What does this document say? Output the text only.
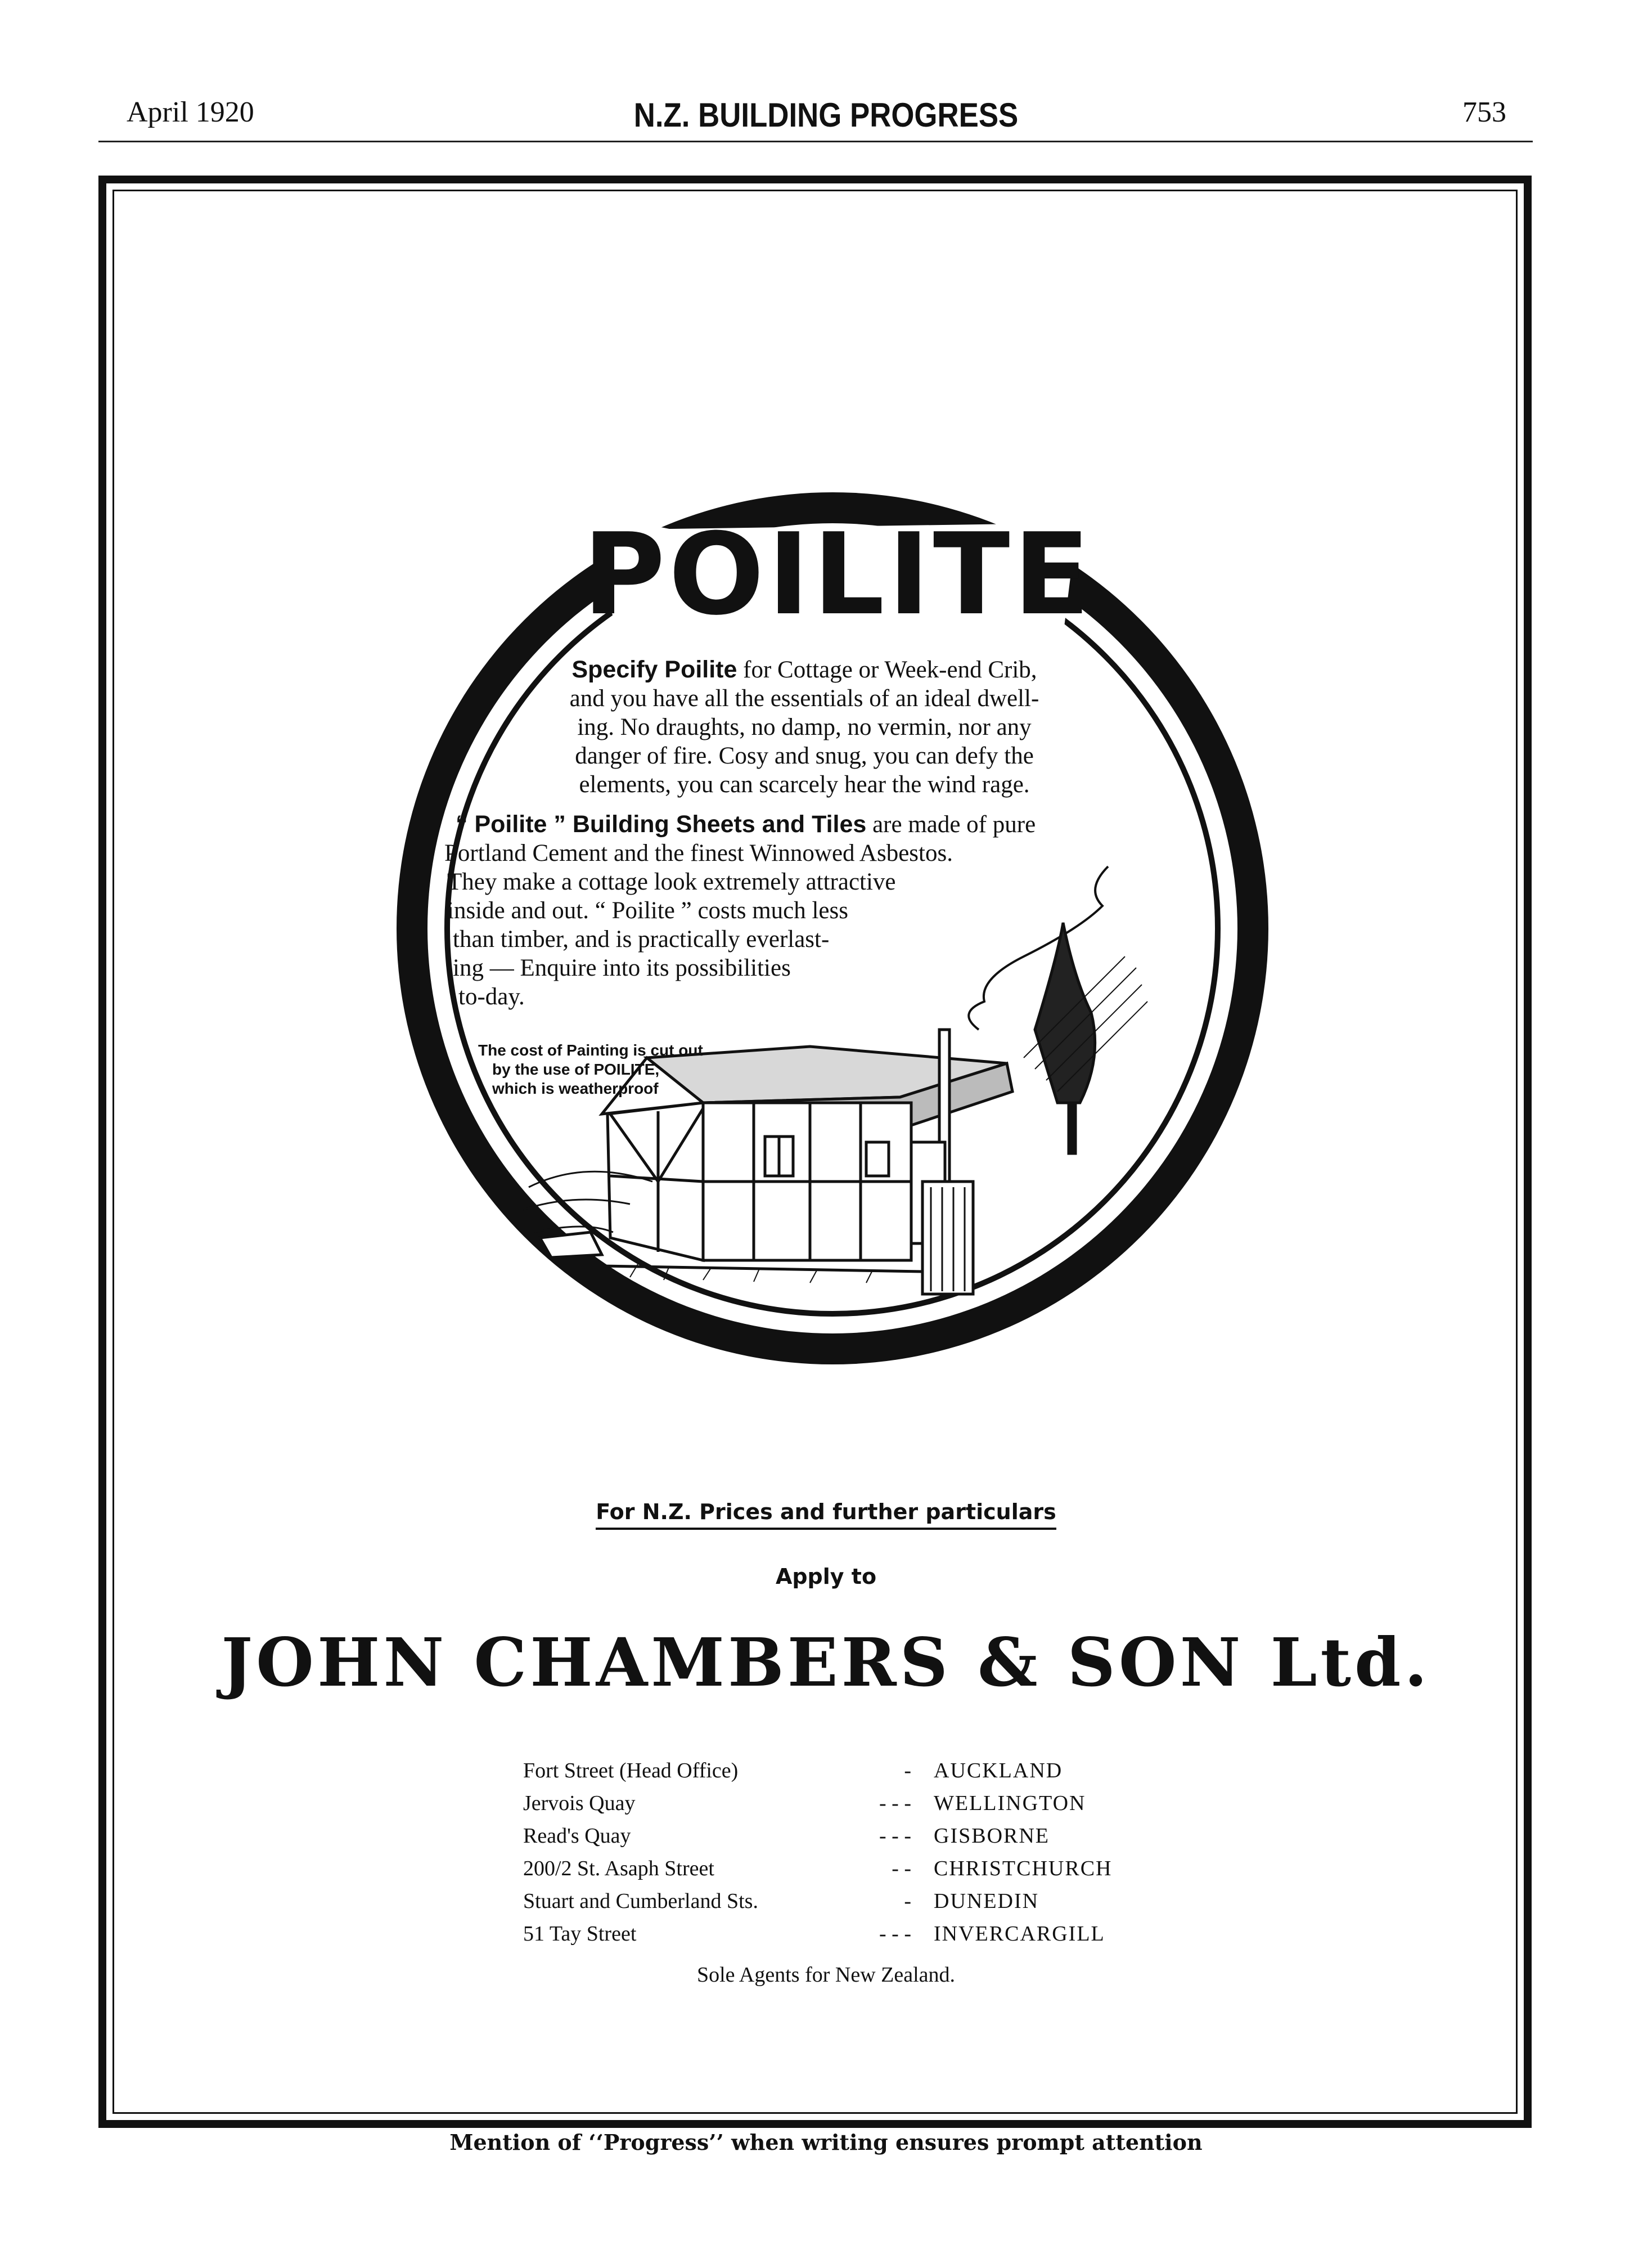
April 1920	N.Z. BUILDING PROGRESS	753
POILITE
Specify Poilite for Cottage or Week-end Crib,
and you have all the essentials of an ideal dwell-
ing. No draughts, no damp, no vermin, nor any
danger of fire. Cosy and snug, you can defy the
elements, you can scarcely hear the wind rage.
“ Poilite ” Building Sheets and Tiles are made of pure
Portland Cement and the finest Winnowed Asbestos.
They make a cottage look extremely attractive
inside and out. “ Poilite ” costs much less
than timber, and is practically everlast-
ing — Enquire into its possibilities
to-day.
The cost of Painting is cut out
by the use of POILITE,
which is weatherproof
For N.Z. Prices and further particulars
Apply to
JOHN CHAMBERS & SON Ltd.
Fort Street (Head Office)	-	AUCKLAND
Jervois Quay	- - -	WELLINGTON
Read's Quay	- - -	GISBORNE
200/2 St. Asaph Street	- -	CHRISTCHURCH
Stuart and Cumberland Sts.	-	DUNEDIN
51 Tay Street	- - -	INVERCARGILL
Sole Agents for New Zealand.
Mention of ‘‘Progress’’ when writing ensures prompt attention
